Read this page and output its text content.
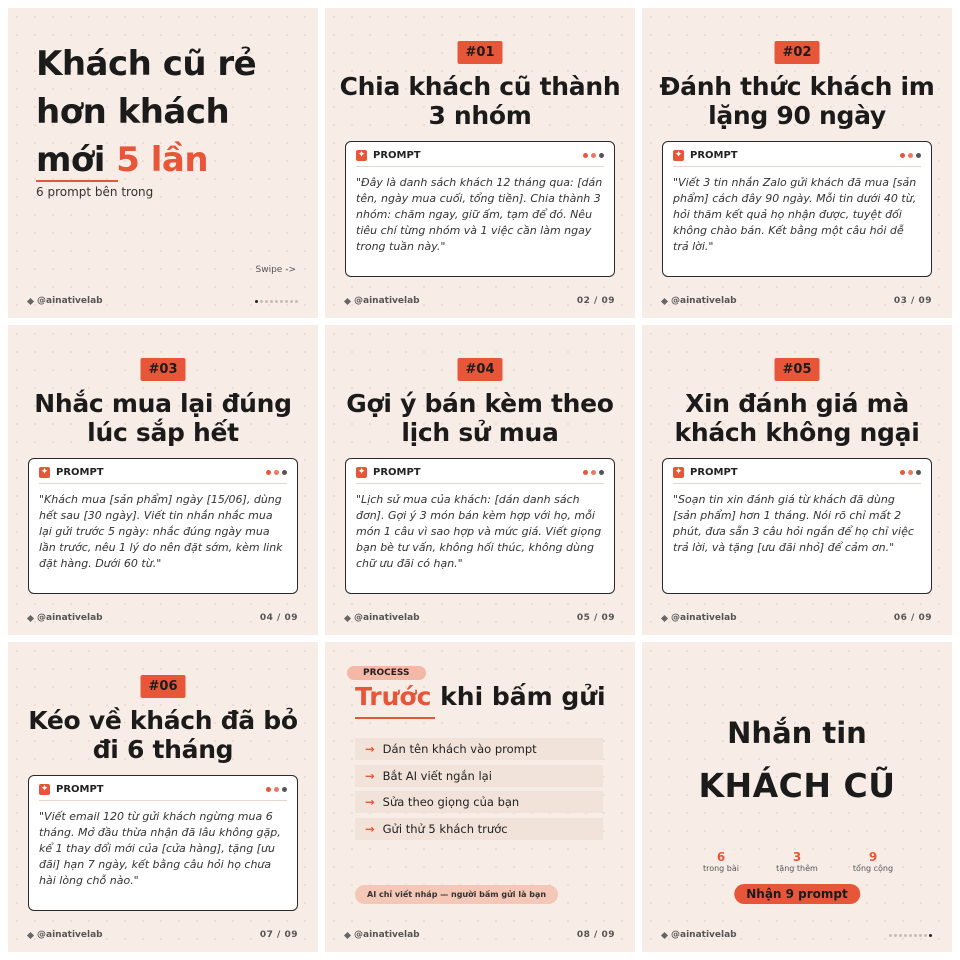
Khách cũ rẻ
hơn khách
mới 5 lần
6 prompt bên trong
Swipe ->
@ainativelab
#01
Chia khách cũ thành 3 nhóm
✦ PROMPT
"Đây là danh sách khách 12 tháng qua: [dán tên, ngày mua cuối, tổng tiền]. Chia thành 3 nhóm: chăm ngay, giữ ấm, tạm để đó. Nêu tiêu chí từng nhóm và 1 việc cần làm ngay trong tuần này."
@ainativelab	02 / 09
#02
Đánh thức khách im lặng 90 ngày
✦ PROMPT
"Viết 3 tin nhắn Zalo gửi khách đã mua [sản phẩm] cách đây 90 ngày. Mỗi tin dưới 40 từ, hỏi thăm kết quả họ nhận được, tuyệt đối không chào bán. Kết bằng một câu hỏi dễ trả lời."
@ainativelab	03 / 09
#03
Nhắc mua lại đúng lúc sắp hết
✦ PROMPT
"Khách mua [sản phẩm] ngày [15/06], dùng hết sau [30 ngày]. Viết tin nhắn nhắc mua lại gửi trước 5 ngày: nhắc đúng ngày mua lần trước, nêu 1 lý do nên đặt sớm, kèm link đặt hàng. Dưới 60 từ."
@ainativelab	04 / 09
#04
Gợi ý bán kèm theo lịch sử mua
✦ PROMPT
"Lịch sử mua của khách: [dán danh sách đơn]. Gợi ý 3 món bán kèm hợp với họ, mỗi món 1 câu vì sao hợp và mức giá. Viết giọng bạn bè tư vấn, không hối thúc, không dùng chữ ưu đãi có hạn."
@ainativelab	05 / 09
#05
Xin đánh giá mà khách không ngại
✦ PROMPT
"Soạn tin xin đánh giá từ khách đã dùng [sản phẩm] hơn 1 tháng. Nói rõ chỉ mất 2 phút, đưa sẵn 3 câu hỏi ngắn để họ chỉ việc trả lời, và tặng [ưu đãi nhỏ] để cảm ơn."
@ainativelab	06 / 09
#06
Kéo về khách đã bỏ đi 6 tháng
✦ PROMPT
"Viết email 120 từ gửi khách ngừng mua 6 tháng. Mở đầu thừa nhận đã lâu không gặp, kể 1 thay đổi mới của [cửa hàng], tặng [ưu đãi] hạn 7 ngày, kết bằng câu hỏi họ chưa hài lòng chỗ nào."
@ainativelab	07 / 09
PROCESS
Trước khi bấm gửi
→ Dán tên khách vào prompt
→ Bắt AI viết ngắn lại
→ Sửa theo giọng của bạn
→ Gửi thử 5 khách trước
AI chỉ viết nháp — người bấm gửi là bạn
@ainativelab	08 / 09
Nhắn tin
KHÁCH CŨ
6
trong bài
3
tặng thêm
9
tổng cộng
Nhận 9 prompt
@ainativelab
